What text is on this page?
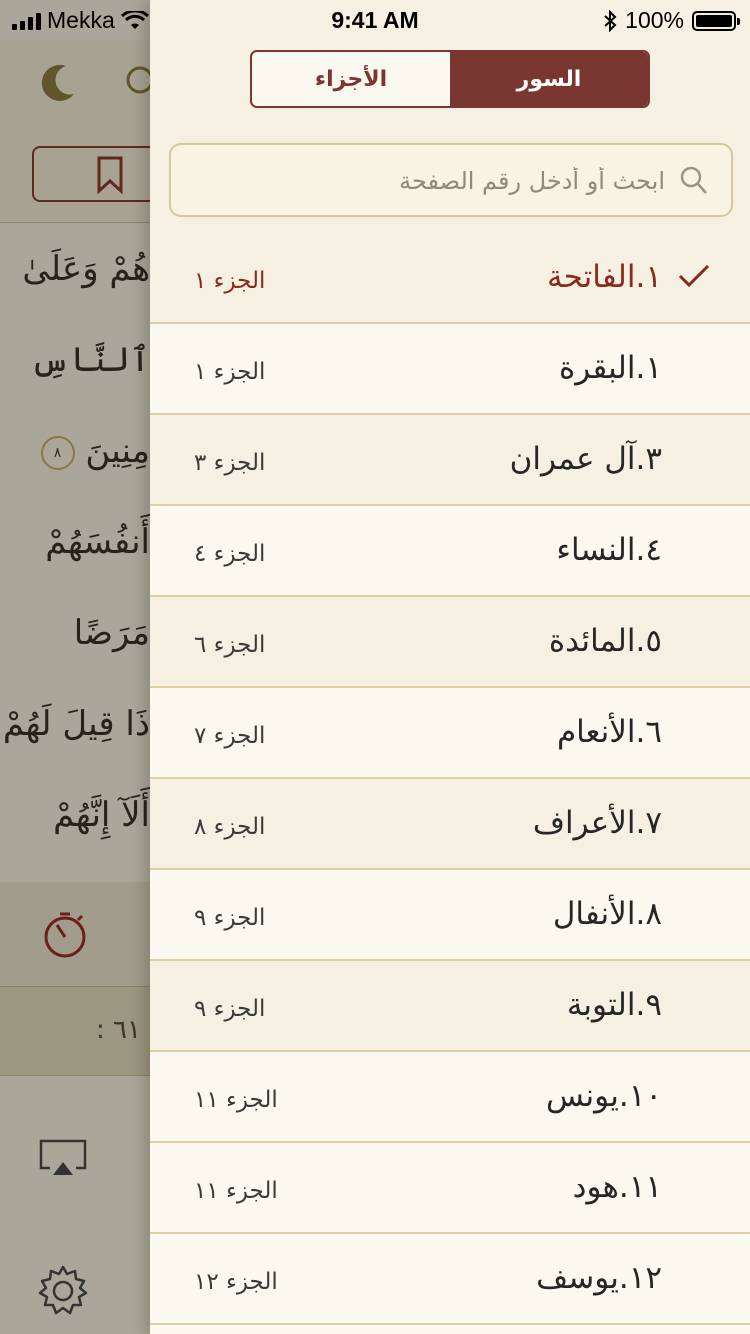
Mekka	9:41 AM	100%
هُمْ وَعَلَىٰ
ٱلنَّاسِ
مِنِينَ ٨
أَنفُسَهُمْ
مَرَضًا
ذَا قِيلَ لَهُمْ
أَلَآ إِنَّهُمْ
٦١ :
الأجزاء	السور
ابحث أو أدخل رقم الصفحة
١.الفاتحة
الجزء ١
١.البقرة
الجزء ١
٣.آل عمران
الجزء ٣
٤.النساء
الجزء ٤
٥.المائدة
الجزء ٦
٦.الأنعام
الجزء ٧
٧.الأعراف
الجزء ٨
٨.الأنفال
الجزء ٩
٩.التوبة
الجزء ٩
١٠.يونس
الجزء ١١
١١.هود
الجزء ١١
١٢.يوسف
الجزء ١٢
